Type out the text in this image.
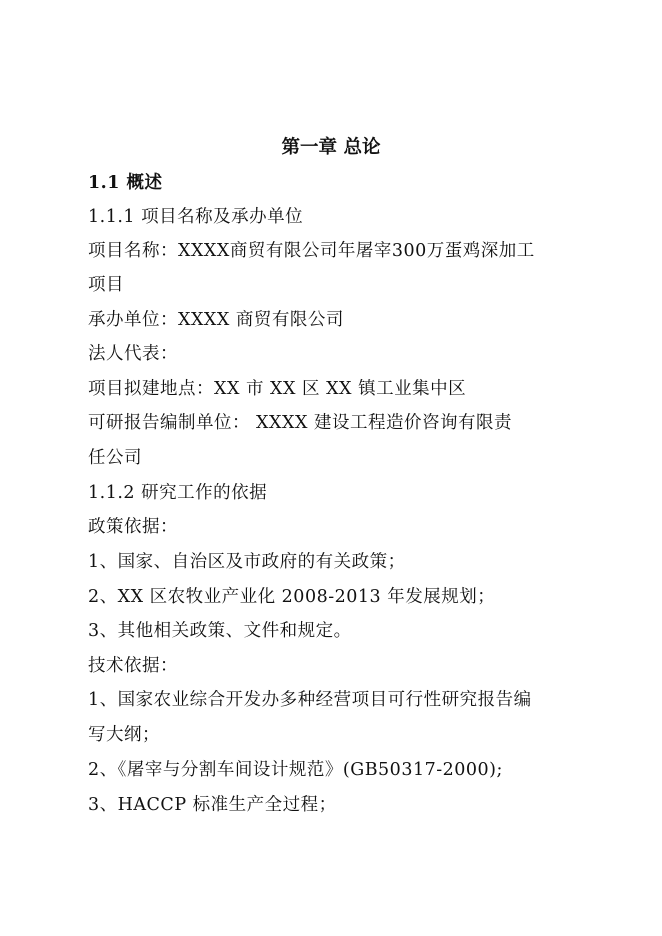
第一章 总论
1.1 概述
1.1.1 项目名称及承办单位
项目名称：XXXX商贸有限公司年屠宰300万蛋鸡深加工
项目
承办单位：XXXX 商贸有限公司
法人代表：
项目拟建地点：XX 市 XX 区 XX 镇工业集中区
可研报告编制单位： XXXX 建设工程造价咨询有限责
任公司
1.1.2 研究工作的依据
政策依据：
1、国家、自治区及市政府的有关政策；
2、XX 区农牧业产业化 2008-2013 年发展规划；
3、其他相关政策、文件和规定。
技术依据：
1、国家农业综合开发办多种经营项目可行性研究报告编
写大纲；
2、《屠宰与分割车间设计规范》(GB50317-2000);
3、HACCP 标准生产全过程；
